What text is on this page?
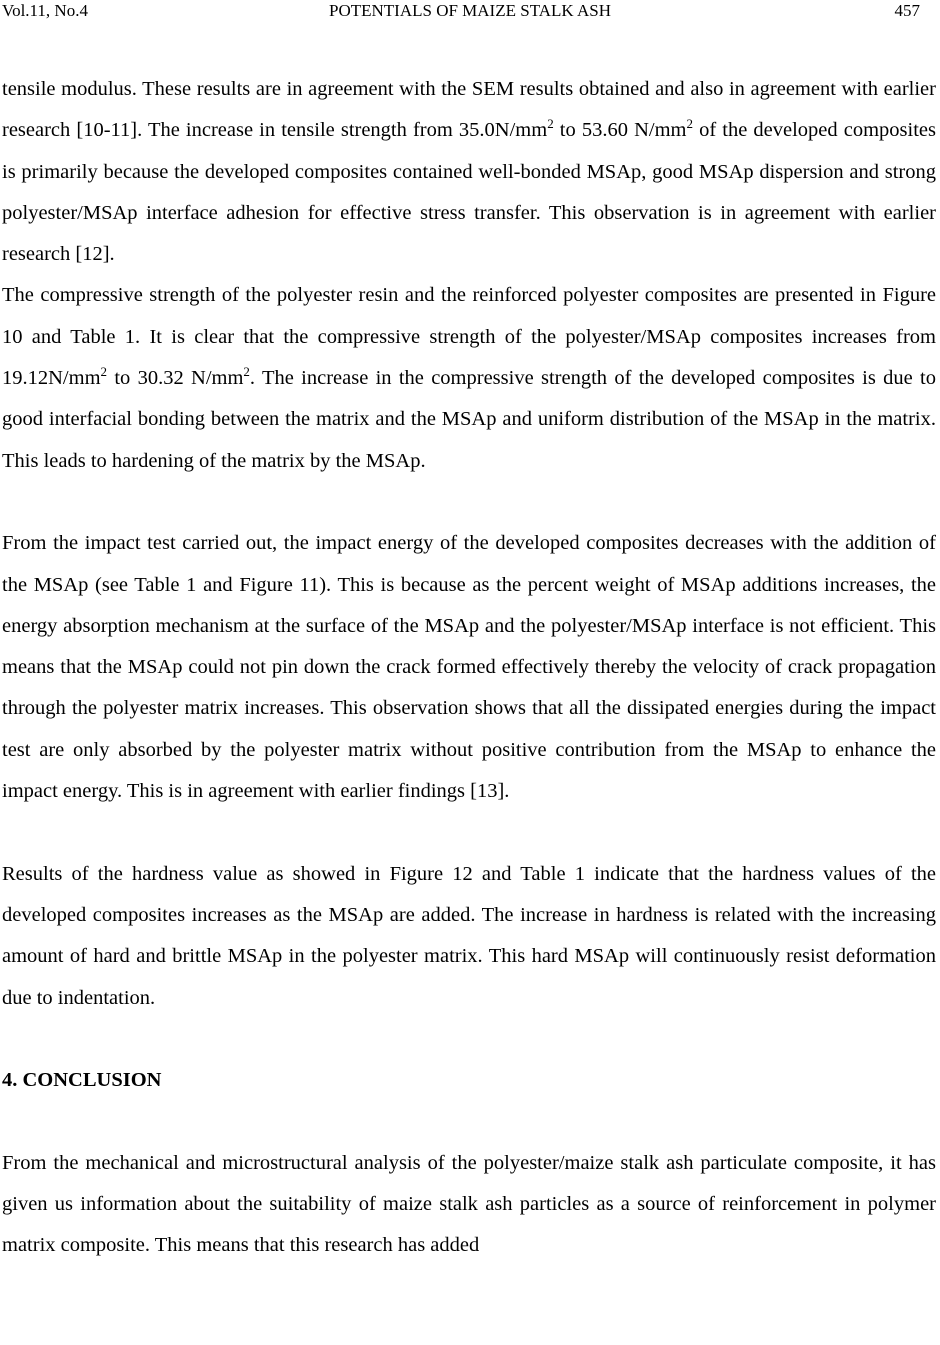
Vol.11, No.4	POTENTIALS OF MAIZE STALK ASH	457

tensile modulus. These results are in agreement with the SEM results obtained and also in agreement with earlier research [10-11]. The increase in tensile strength from $35.0N/mm^2$ to 53.60 $N/mm^2$ of the developed composites is primarily because the developed composites contained well-bonded MSAp, good MSAp dispersion and strong polyester/MSAp interface adhesion for effective stress transfer. This observation is in agreement with earlier research [12].

The compressive strength of the polyester resin and the reinforced polyester composites are presented in Figure 10 and Table 1. It is clear that the compressive strength of the polyester/MSAp composites increases from $19.12N/mm^2$ to 30.32 $N/mm^2$. The increase in the compressive strength of the developed composites is due to good interfacial bonding between the matrix and the MSAp and uniform distribution of the MSAp in the matrix. This leads to hardening of the matrix by the MSAp.

From the impact test carried out, the impact energy of the developed composites decreases with the addition of the MSAp (see Table 1 and Figure 11). This is because as the percent weight of MSAp additions increases, the energy absorption mechanism at the surface of the MSAp and the polyester/MSAp interface is not efficient. This means that the MSAp could not pin down the crack formed effectively thereby the velocity of crack propagation through the polyester matrix increases. This observation shows that all the dissipated energies during the impact test are only absorbed by the polyester matrix without positive contribution from the MSAp to enhance the impact energy. This is in agreement with earlier findings [13].

Results of the hardness value as showed in Figure 12 and Table 1 indicate that the hardness values of the developed composites increases as the MSAp are added. The increase in hardness is related with the increasing amount of hard and brittle MSAp in the polyester matrix. This hard MSAp will continuously resist deformation due to indentation.

4. CONCLUSION

From the mechanical and microstructural analysis of the polyester/maize stalk ash particulate composite, it has given us information about the suitability of maize stalk ash particles as a source of reinforcement in polymer matrix composite. This means that this research has added
